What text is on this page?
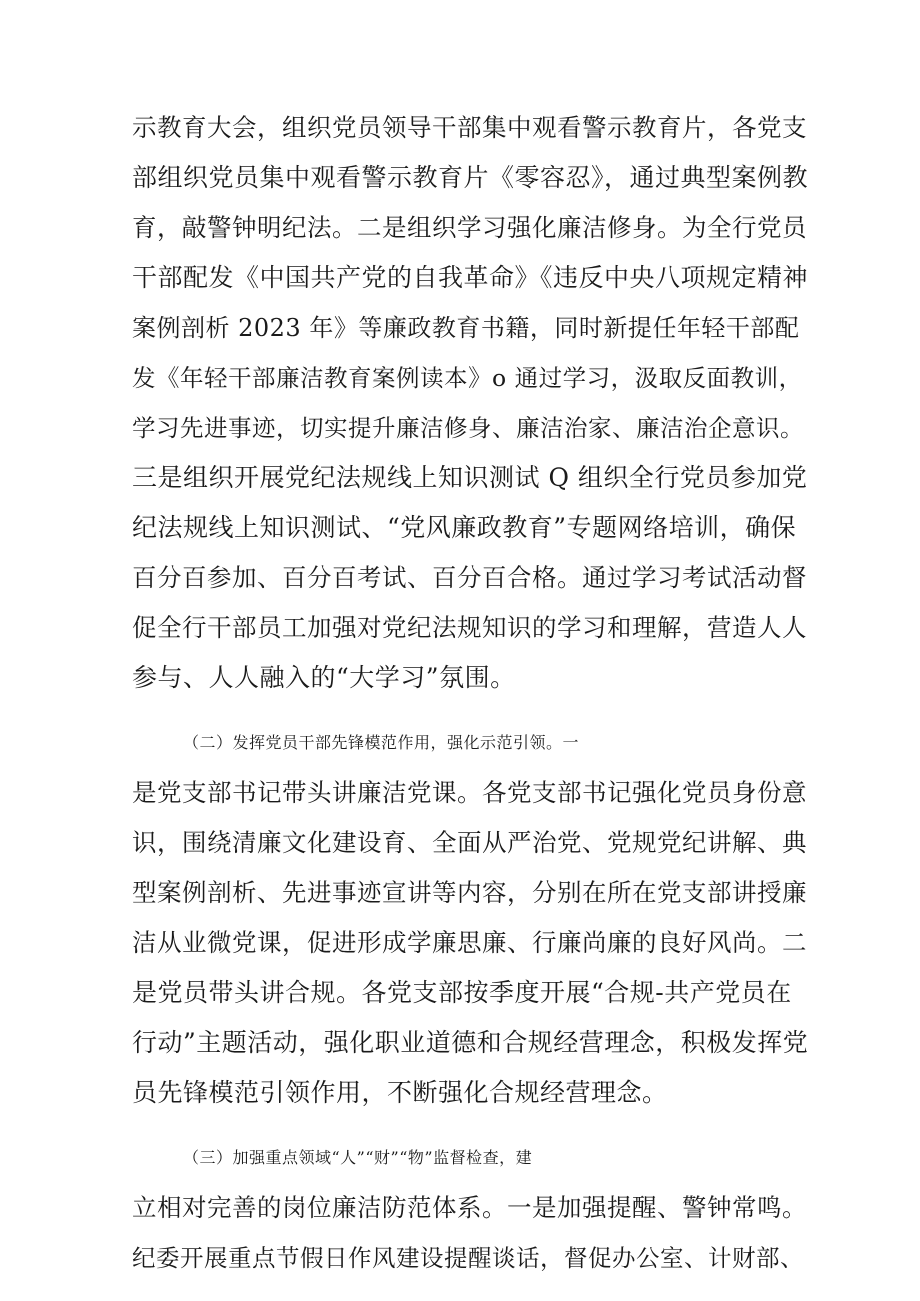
示教育大会，组织党员领导干部集中观看警示教育片，各党支
部组织党员集中观看警示教育片《零容忍》，通过典型案例教
育，敲警钟明纪法。二是组织学习强化廉洁修身。为全行党员
干部配发《中国共产党的自我革命》《违反中央八项规定精神
案例剖析 2023 年》等廉政教育书籍，同时新提任年轻干部配
发《年轻干部廉洁教育案例读本》o 通过学习，汲取反面教训，
学习先进事迹，切实提升廉洁修身、廉洁治家、廉洁治企意识。
三是组织开展党纪法规线上知识测试 Q 组织全行党员参加党
纪法规线上知识测试、“党风廉政教育”专题网络培训，确保
百分百参加、百分百考试、百分百合格。通过学习考试活动督
促全行干部员工加强对党纪法规知识的学习和理解，营造人人
参与、人人融入的“大学习”氛围。
（二）发挥党员干部先锋模范作用，强化示范引领。一
是党支部书记带头讲廉洁党课。各党支部书记强化党员身份意
识，围绕清廉文化建设育、全面从严治党、党规党纪讲解、典
型案例剖析、先进事迹宣讲等内容，分别在所在党支部讲授廉
洁从业微党课，促进形成学廉思廉、行廉尚廉的良好风尚。二
是党员带头讲合规。各党支部按季度开展“合规-共产党员在
行动”主题活动，强化职业道德和合规经营理念，积极发挥党
员先锋模范引领作用，不断强化合规经营理念。
（三）加强重点领域“人”“财”“物”监督检查，建
立相对完善的岗位廉洁防范体系。一是加强提醒、警钟常鸣。
纪委开展重点节假日作风建设提醒谈话，督促办公室、计财部、
